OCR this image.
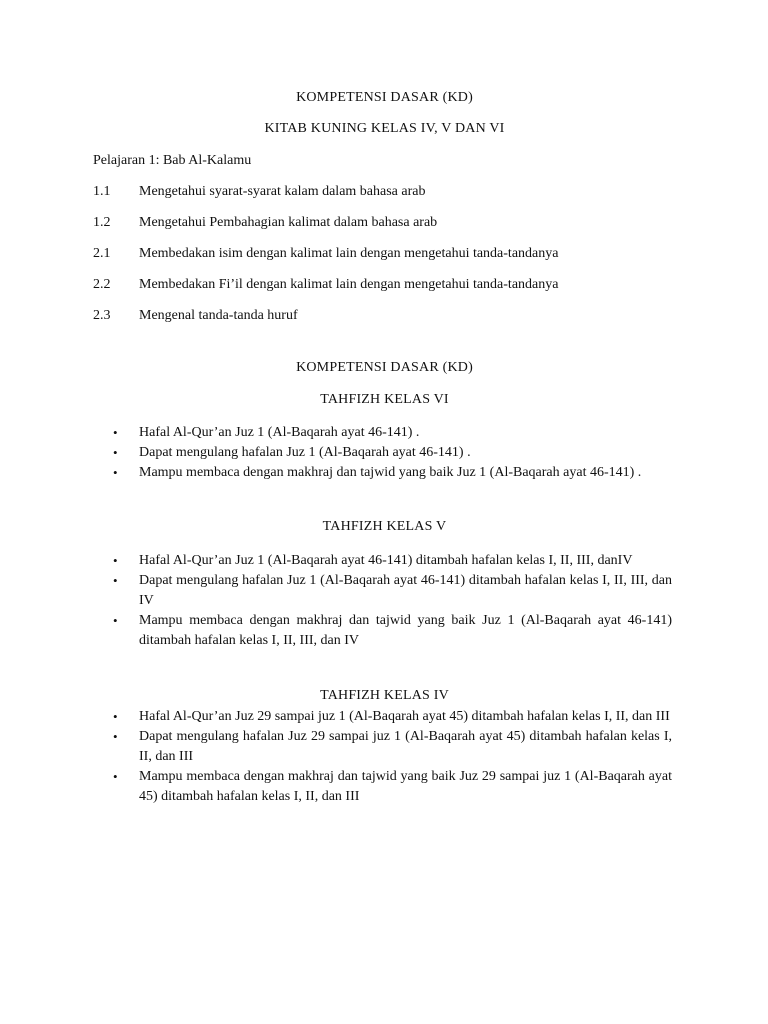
KOMPETENSI DASAR (KD)

KITAB KUNING KELAS IV, V DAN VI

Pelajaran 1: Bab Al-Kalamu
1.1	Mengetahui syarat-syarat kalam dalam bahasa arab
1.2	Mengetahui Pembahagian kalimat dalam bahasa arab
2.1	Membedakan isim dengan kalimat lain dengan mengetahui tanda-tandanya
2.2	Membedakan Fi’il dengan kalimat lain dengan mengetahui tanda-tandanya
2.3	Mengenal tanda-tanda huruf

KOMPETENSI DASAR (KD)

TAHFIZH KELAS VI

• Hafal Al-Qur’an Juz 1 (Al-Baqarah ayat 46-141) .
• Dapat mengulang hafalan Juz 1 (Al-Baqarah ayat 46-141) .
• Mampu membaca dengan makhraj dan tajwid yang baik Juz 1 (Al-Baqarah ayat 46-141) .

TAHFIZH KELAS V

• Hafal Al-Qur’an Juz 1 (Al-Baqarah ayat 46-141) ditambah hafalan kelas I, II, III, danIV
• Dapat mengulang hafalan Juz 1 (Al-Baqarah ayat 46-141) ditambah hafalan kelas I, II, III, dan IV
• Mampu membaca dengan makhraj dan tajwid yang baik Juz 1 (Al-Baqarah ayat 46-141) ditambah hafalan kelas I, II, III, dan IV

TAHFIZH KELAS IV

• Hafal Al-Qur’an Juz 29 sampai juz 1 (Al-Baqarah ayat 45) ditambah hafalan kelas I, II, dan III
• Dapat mengulang hafalan Juz 29 sampai juz 1 (Al-Baqarah ayat 45) ditambah hafalan kelas I, II, dan III
• Mampu membaca dengan makhraj dan tajwid yang baik Juz 29 sampai juz 1 (Al-Baqarah ayat 45) ditambah hafalan kelas I, II, dan III
